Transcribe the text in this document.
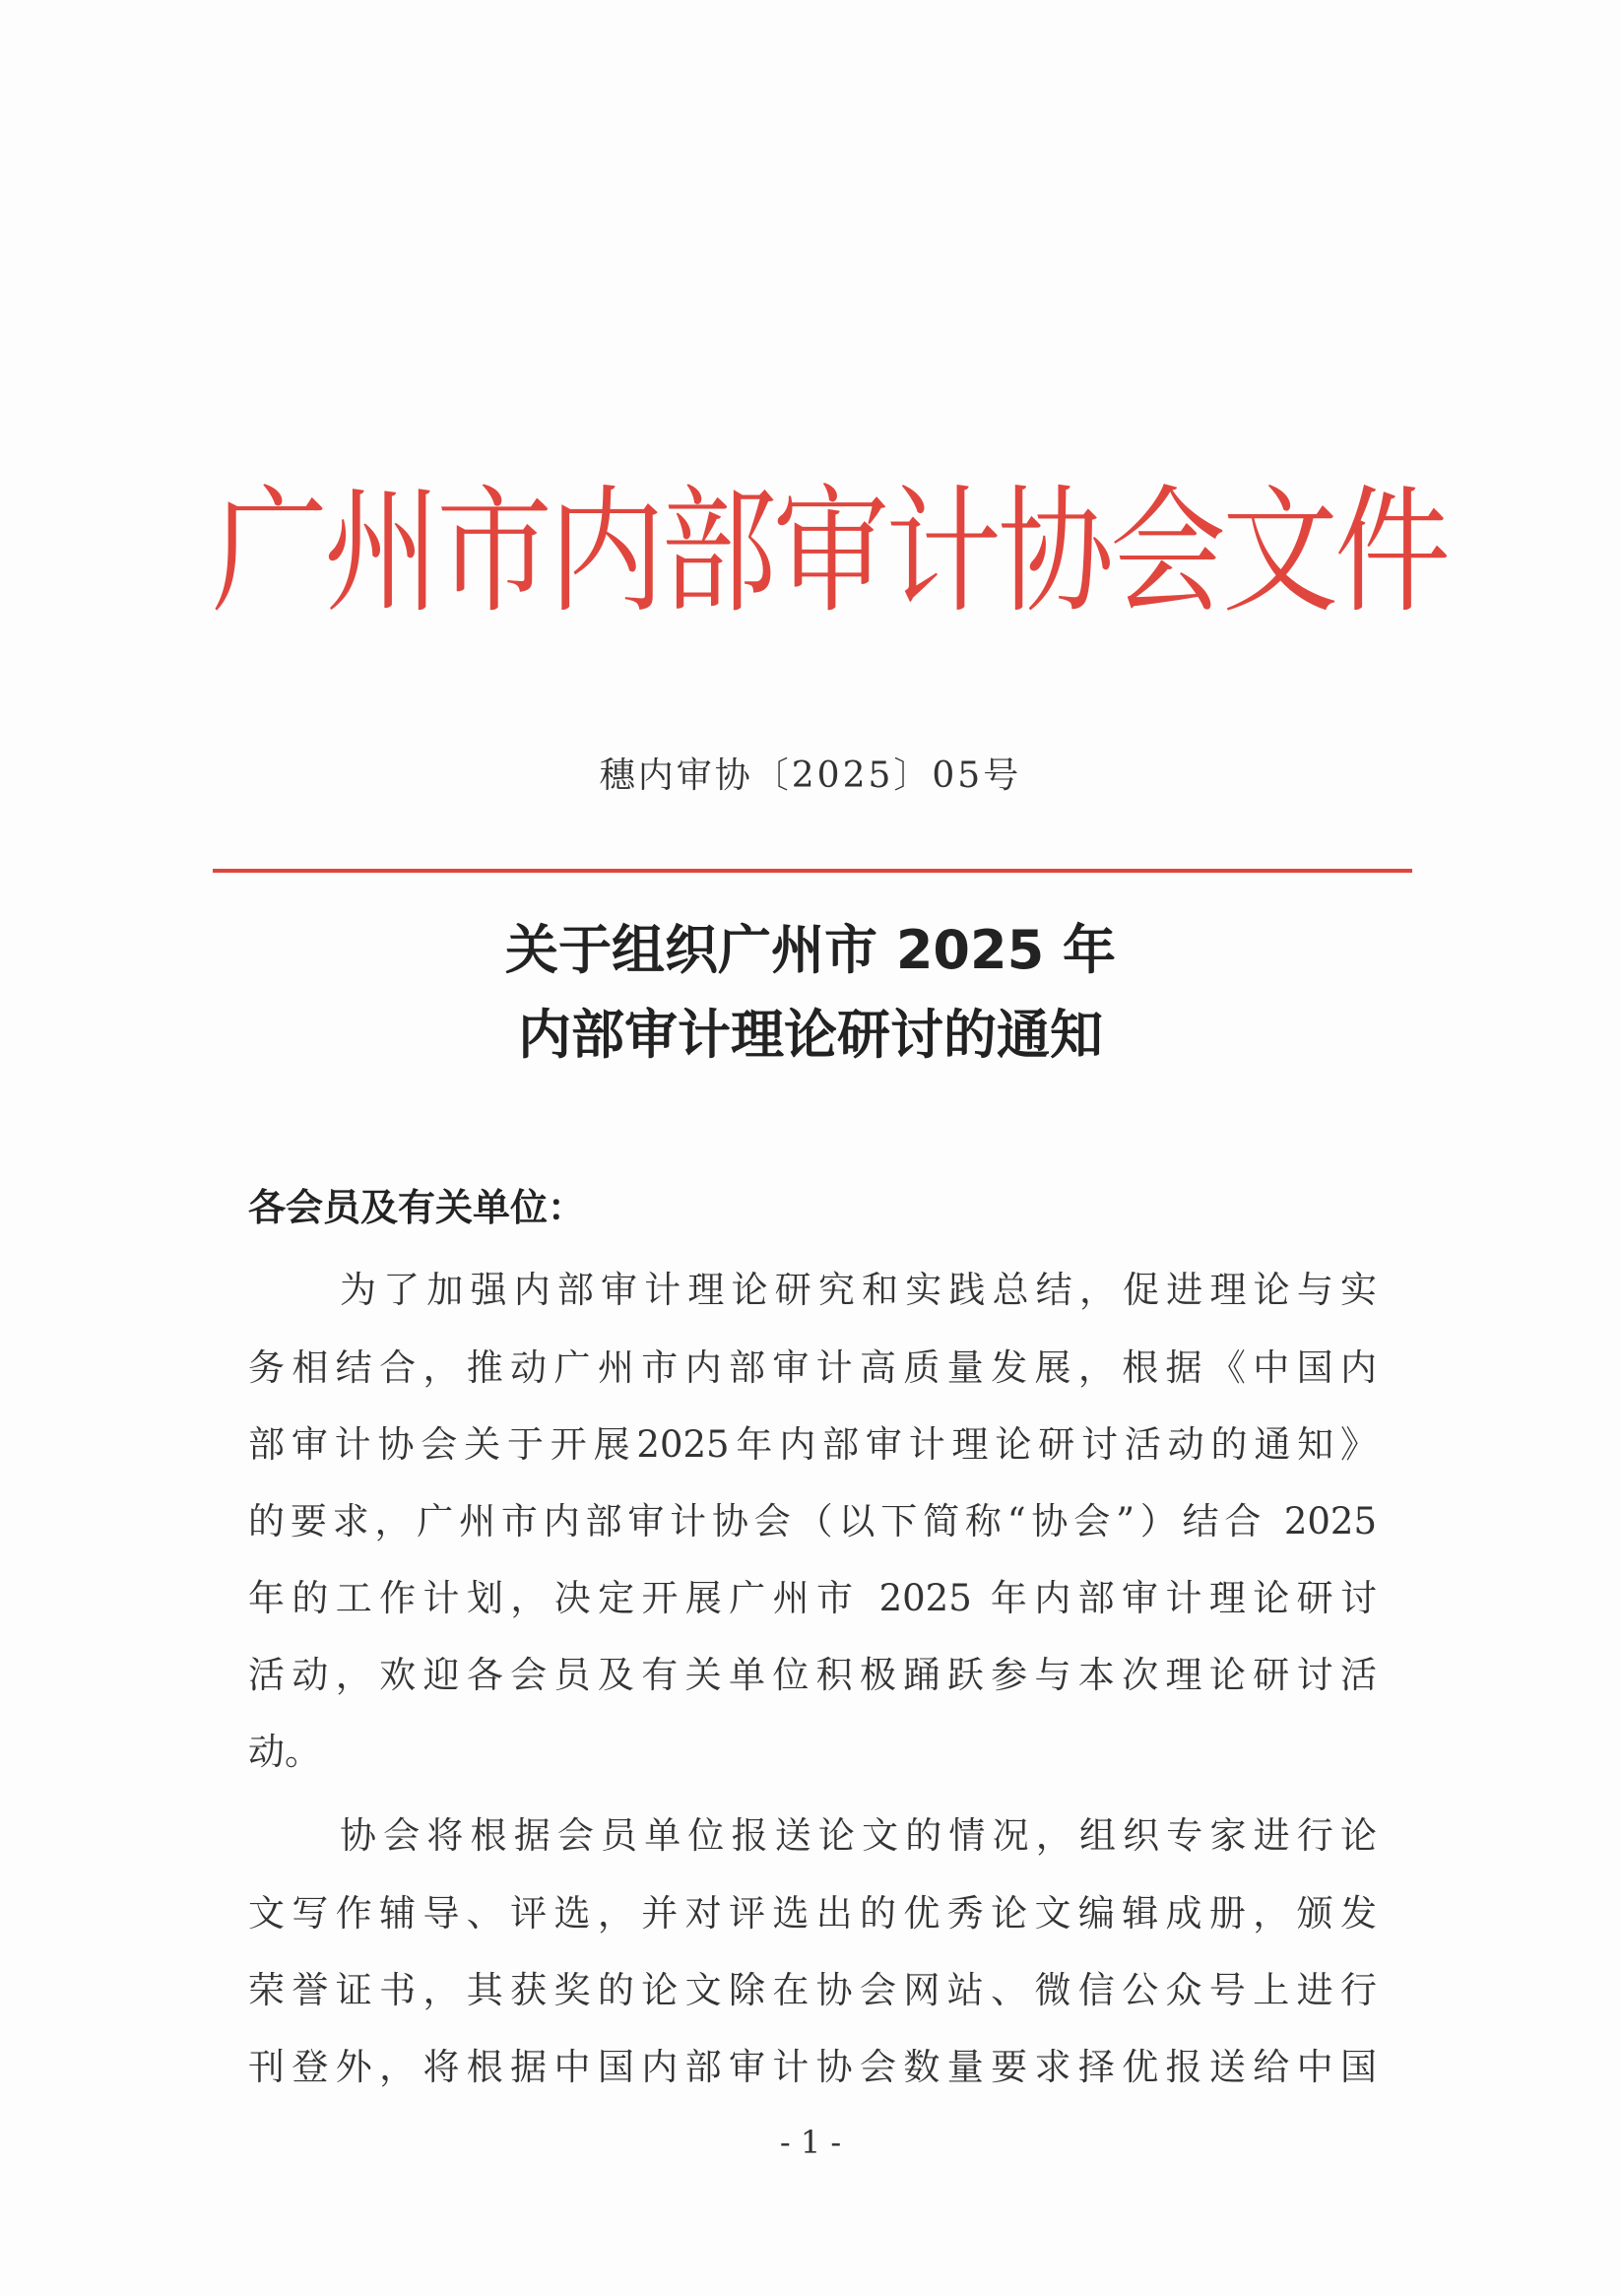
广州市内部审计协会文件
穗内审协〔2025〕05号
关于组织广州市 2025 年
内部审计理论研讨的通知
各会员及有关单位：
为了加强内部审计理论研究和实践总结，促进理论与实
务相结合，推动广州市内部审计高质量发展，根据《中国内
部审计协会关于开展2025年内部审计理论研讨活动的通知》
的要求，广州市内部审计协会（以下简称“协会”）结合 2025
年的工作计划，决定开展广州市 2025 年内部审计理论研讨
活动，欢迎各会员及有关单位积极踊跃参与本次理论研讨活
动。
协会将根据会员单位报送论文的情况，组织专家进行论
文写作辅导、评选，并对评选出的优秀论文编辑成册，颁发
荣誉证书，其获奖的论文除在协会网站、微信公众号上进行
刊登外，将根据中国内部审计协会数量要求择优报送给中国
- 1 -
